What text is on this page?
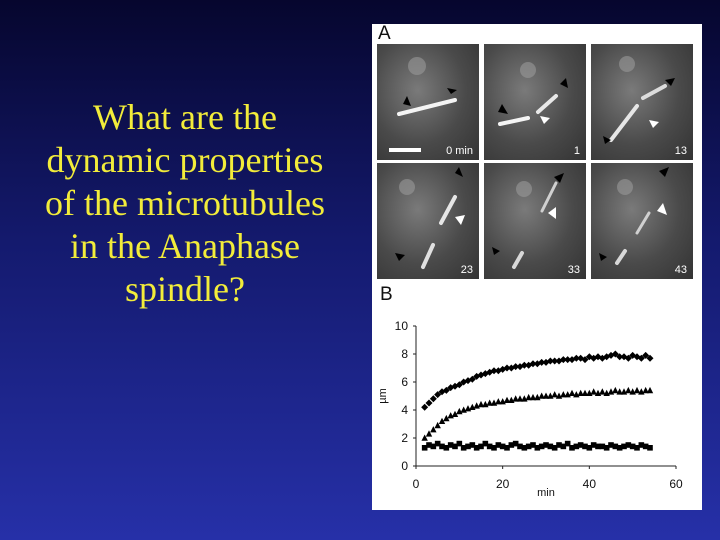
What are the dynamic properties of the microtubules in the Anaphase spindle?
A
0 min	1	13
23	33	43
B
0
2
4
6
8
10
0	20	40	60
min
µm
